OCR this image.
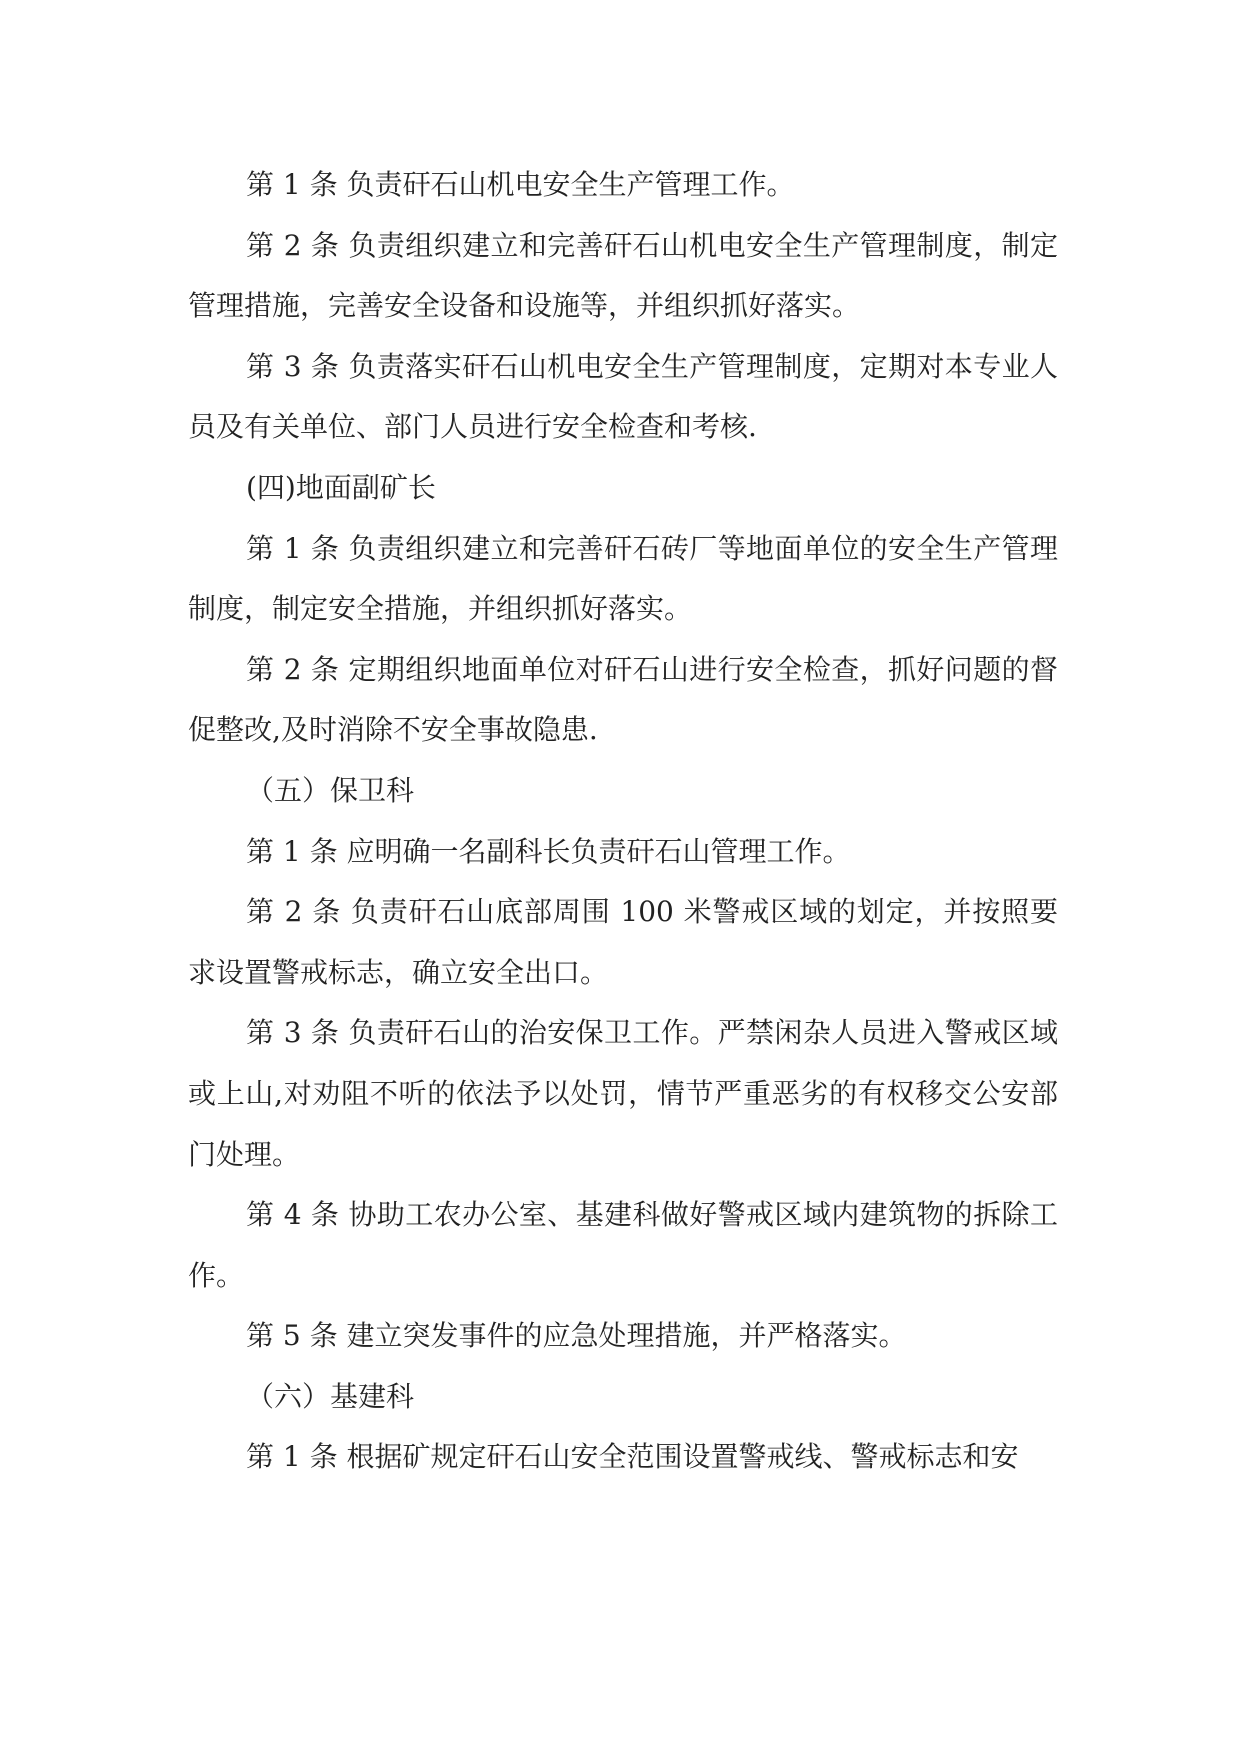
第 1 条 负责矸石山机电安全生产管理工作。

第 2 条 负责组织建立和完善矸石山机电安全生产管理制度，制定管理措施，完善安全设备和设施等，并组织抓好落实。

第 3 条 负责落实矸石山机电安全生产管理制度，定期对本专业人员及有关单位、部门人员进行安全检查和考核.

(四)地面副矿长

第 1 条 负责组织建立和完善矸石砖厂等地面单位的安全生产管理制度，制定安全措施，并组织抓好落实。

第 2 条 定期组织地面单位对矸石山进行安全检查，抓好问题的督促整改,及时消除不安全事故隐患.

（五）保卫科

第 1 条 应明确一名副科长负责矸石山管理工作。

第 2 条 负责矸石山底部周围 100 米警戒区域的划定，并按照要求设置警戒标志，确立安全出口。

第 3 条 负责矸石山的治安保卫工作。严禁闲杂人员进入警戒区域或上山,对劝阻不听的依法予以处罚，情节严重恶劣的有权移交公安部门处理。

第 4 条 协助工农办公室、基建科做好警戒区域内建筑物的拆除工作。

第 5 条 建立突发事件的应急处理措施，并严格落实。

（六）基建科

第 1 条 根据矿规定矸石山安全范围设置警戒线、警戒标志和安
